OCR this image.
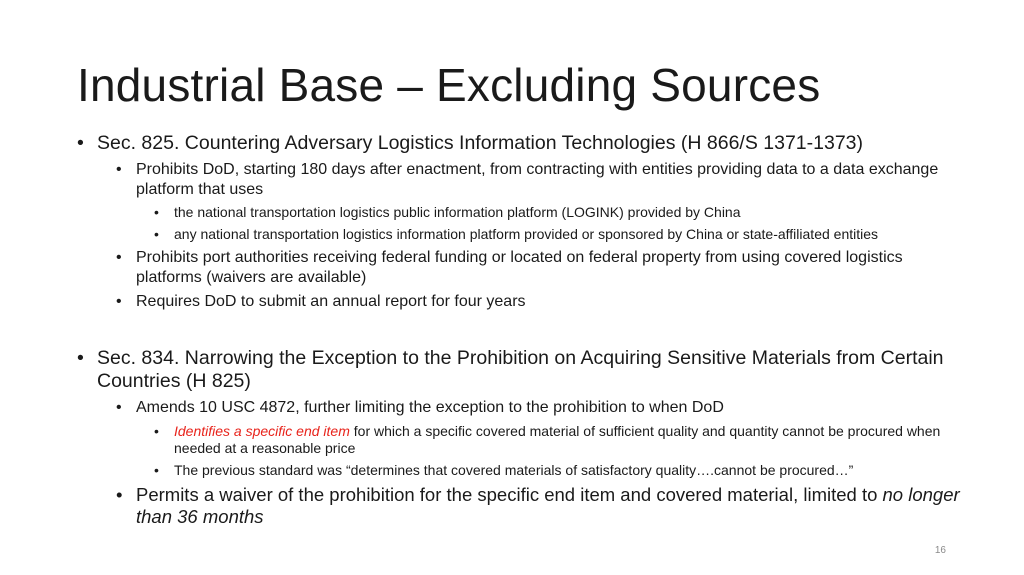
Industrial Base – Excluding Sources
• Sec. 825. Countering Adversary Logistics Information Technologies (H 866/S 1371-1373)
• Prohibits DoD, starting 180 days after enactment, from contracting with entities providing data to a data exchange platform that uses
• the national transportation logistics public information platform (LOGINK) provided by China
• any national transportation logistics information platform provided or sponsored by China or state-affiliated entities
• Prohibits port authorities receiving federal funding or located on federal property from using covered logistics platforms (waivers are available)
• Requires DoD to submit an annual report for four years
• Sec. 834. Narrowing the Exception to the Prohibition on Acquiring Sensitive Materials from Certain Countries (H 825)
• Amends 10 USC 4872, further limiting the exception to the prohibition to when DoD
• Identifies a specific end item for which a specific covered material of sufficient quality and quantity cannot be procured when needed at a reasonable price
• The previous standard was “determines that covered materials of satisfactory quality….cannot be procured…”
• Permits a waiver of the prohibition for the specific end item and covered material, limited to no longer than 36 months
16
